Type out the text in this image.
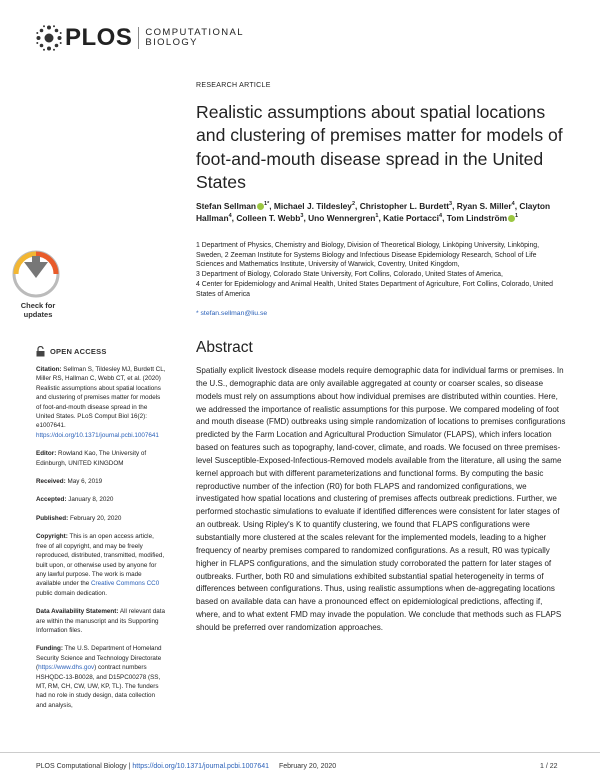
PLOS COMPUTATIONAL
BIOLOGY
Check for
updates
OPEN ACCESS

Citation: Sellman S, Tildesley MJ, Burdett CL, Miller RS, Hallman C, Webb CT, et al. (2020) Realistic assumptions about spatial locations and clustering of premises matter for models of foot-and-mouth disease spread in the United States. PLoS Comput Biol 16(2): e1007641. https://doi.org/10.1371/journal.pcbi.1007641

Editor: Rowland Kao, The University of Edinburgh, UNITED KINGDOM

Received: May 6, 2019

Accepted: January 8, 2020

Published: February 20, 2020

Copyright: This is an open access article, free of all copyright, and may be freely reproduced, distributed, transmitted, modified, built upon, or otherwise used by anyone for any lawful purpose. The work is made available under the Creative Commons CC0 public domain dedication.

Data Availability Statement: All relevant data are within the manuscript and its Supporting Information files.

Funding: The U.S. Department of Homeland Security Science and Technology Directorate (https://www.dhs.gov) contract numbers HSHQDC-13-B0028, and D15PC00278 (SS, MT, RM, CH, CW, UW, KP, TL). The funders had no role in study design, data collection and analysis,

RESEARCH ARTICLE
Realistic assumptions about spatial locations and clustering of premises matter for models of foot-and-mouth disease spread in the United States
Stefan Sellman $^{1*}$, Michael J. Tildesley$^2$, Christopher L. Burdett$^3$, Ryan S. Miller$^4$, Clayton Hallman$^4$, Colleen T. Webb$^3$, Uno Wennergren$^1$, Katie Portacci$^4$, Tom Lindström $^1$
1 Department of Physics, Chemistry and Biology, Division of Theoretical Biology, Linköping University, Linköping, Sweden, 2 Zeeman Institute for Systems Biology and Infectious Disease Epidemiology Research, School of Life Sciences and Mathematics Institute, University of Warwick, Coventry, United Kingdom,
3 Department of Biology, Colorado State University, Fort Collins, Colorado, United States of America,
4 Center for Epidemiology and Animal Health, United States Department of Agriculture, Fort Collins, Colorado, United States of America
* stefan.sellman@liu.se
Abstract
Spatially explicit livestock disease models require demographic data for individual farms or premises. In the U.S., demographic data are only available aggregated at county or coarser scales, so disease models must rely on assumptions about how individual premises are distributed within counties. Here, we addressed the importance of realistic assumptions for this purpose. We compared modeling of foot and mouth disease (FMD) outbreaks using simple randomization of locations to premises configurations predicted by the Farm Location and Agricultural Production Simulator (FLAPS), which infers location based on features such as topography, land-cover, climate, and roads. We focused on three premises-level Susceptible-Exposed-Infectious-Removed models available from the literature, all using the same kernel approach but with different parameterizations and functional forms. By computing the basic reproductive number of the infection (R0) for both FLAPS and randomized configurations, we investigated how spatial locations and clustering of premises affects outbreak predictions. Further, we performed stochastic simulations to evaluate if identified differences were consistent for later stages of an outbreak. Using Ripley's K to quantify clustering, we found that FLAPS configurations were substantially more clustered at the scales relevant for the implemented models, leading to a higher frequency of nearby premises compared to randomized configurations. As a result, R0 was typically higher in FLAPS configurations, and the simulation study corroborated the pattern for later stages of outbreaks. Further, both R0 and simulations exhibited substantial spatial heterogeneity in terms of differences between configurations. Thus, using realistic assumptions when de-aggregating locations based on available data can have a pronounced effect on epidemiological predictions, affecting if, where, and to what extent FMD may invade the population. We conclude that methods such as FLAPS should be preferred over randomization approaches.
PLOS Computational Biology | https://doi.org/10.1371/journal.pcbi.1007641 February 20, 2020	1 / 22
